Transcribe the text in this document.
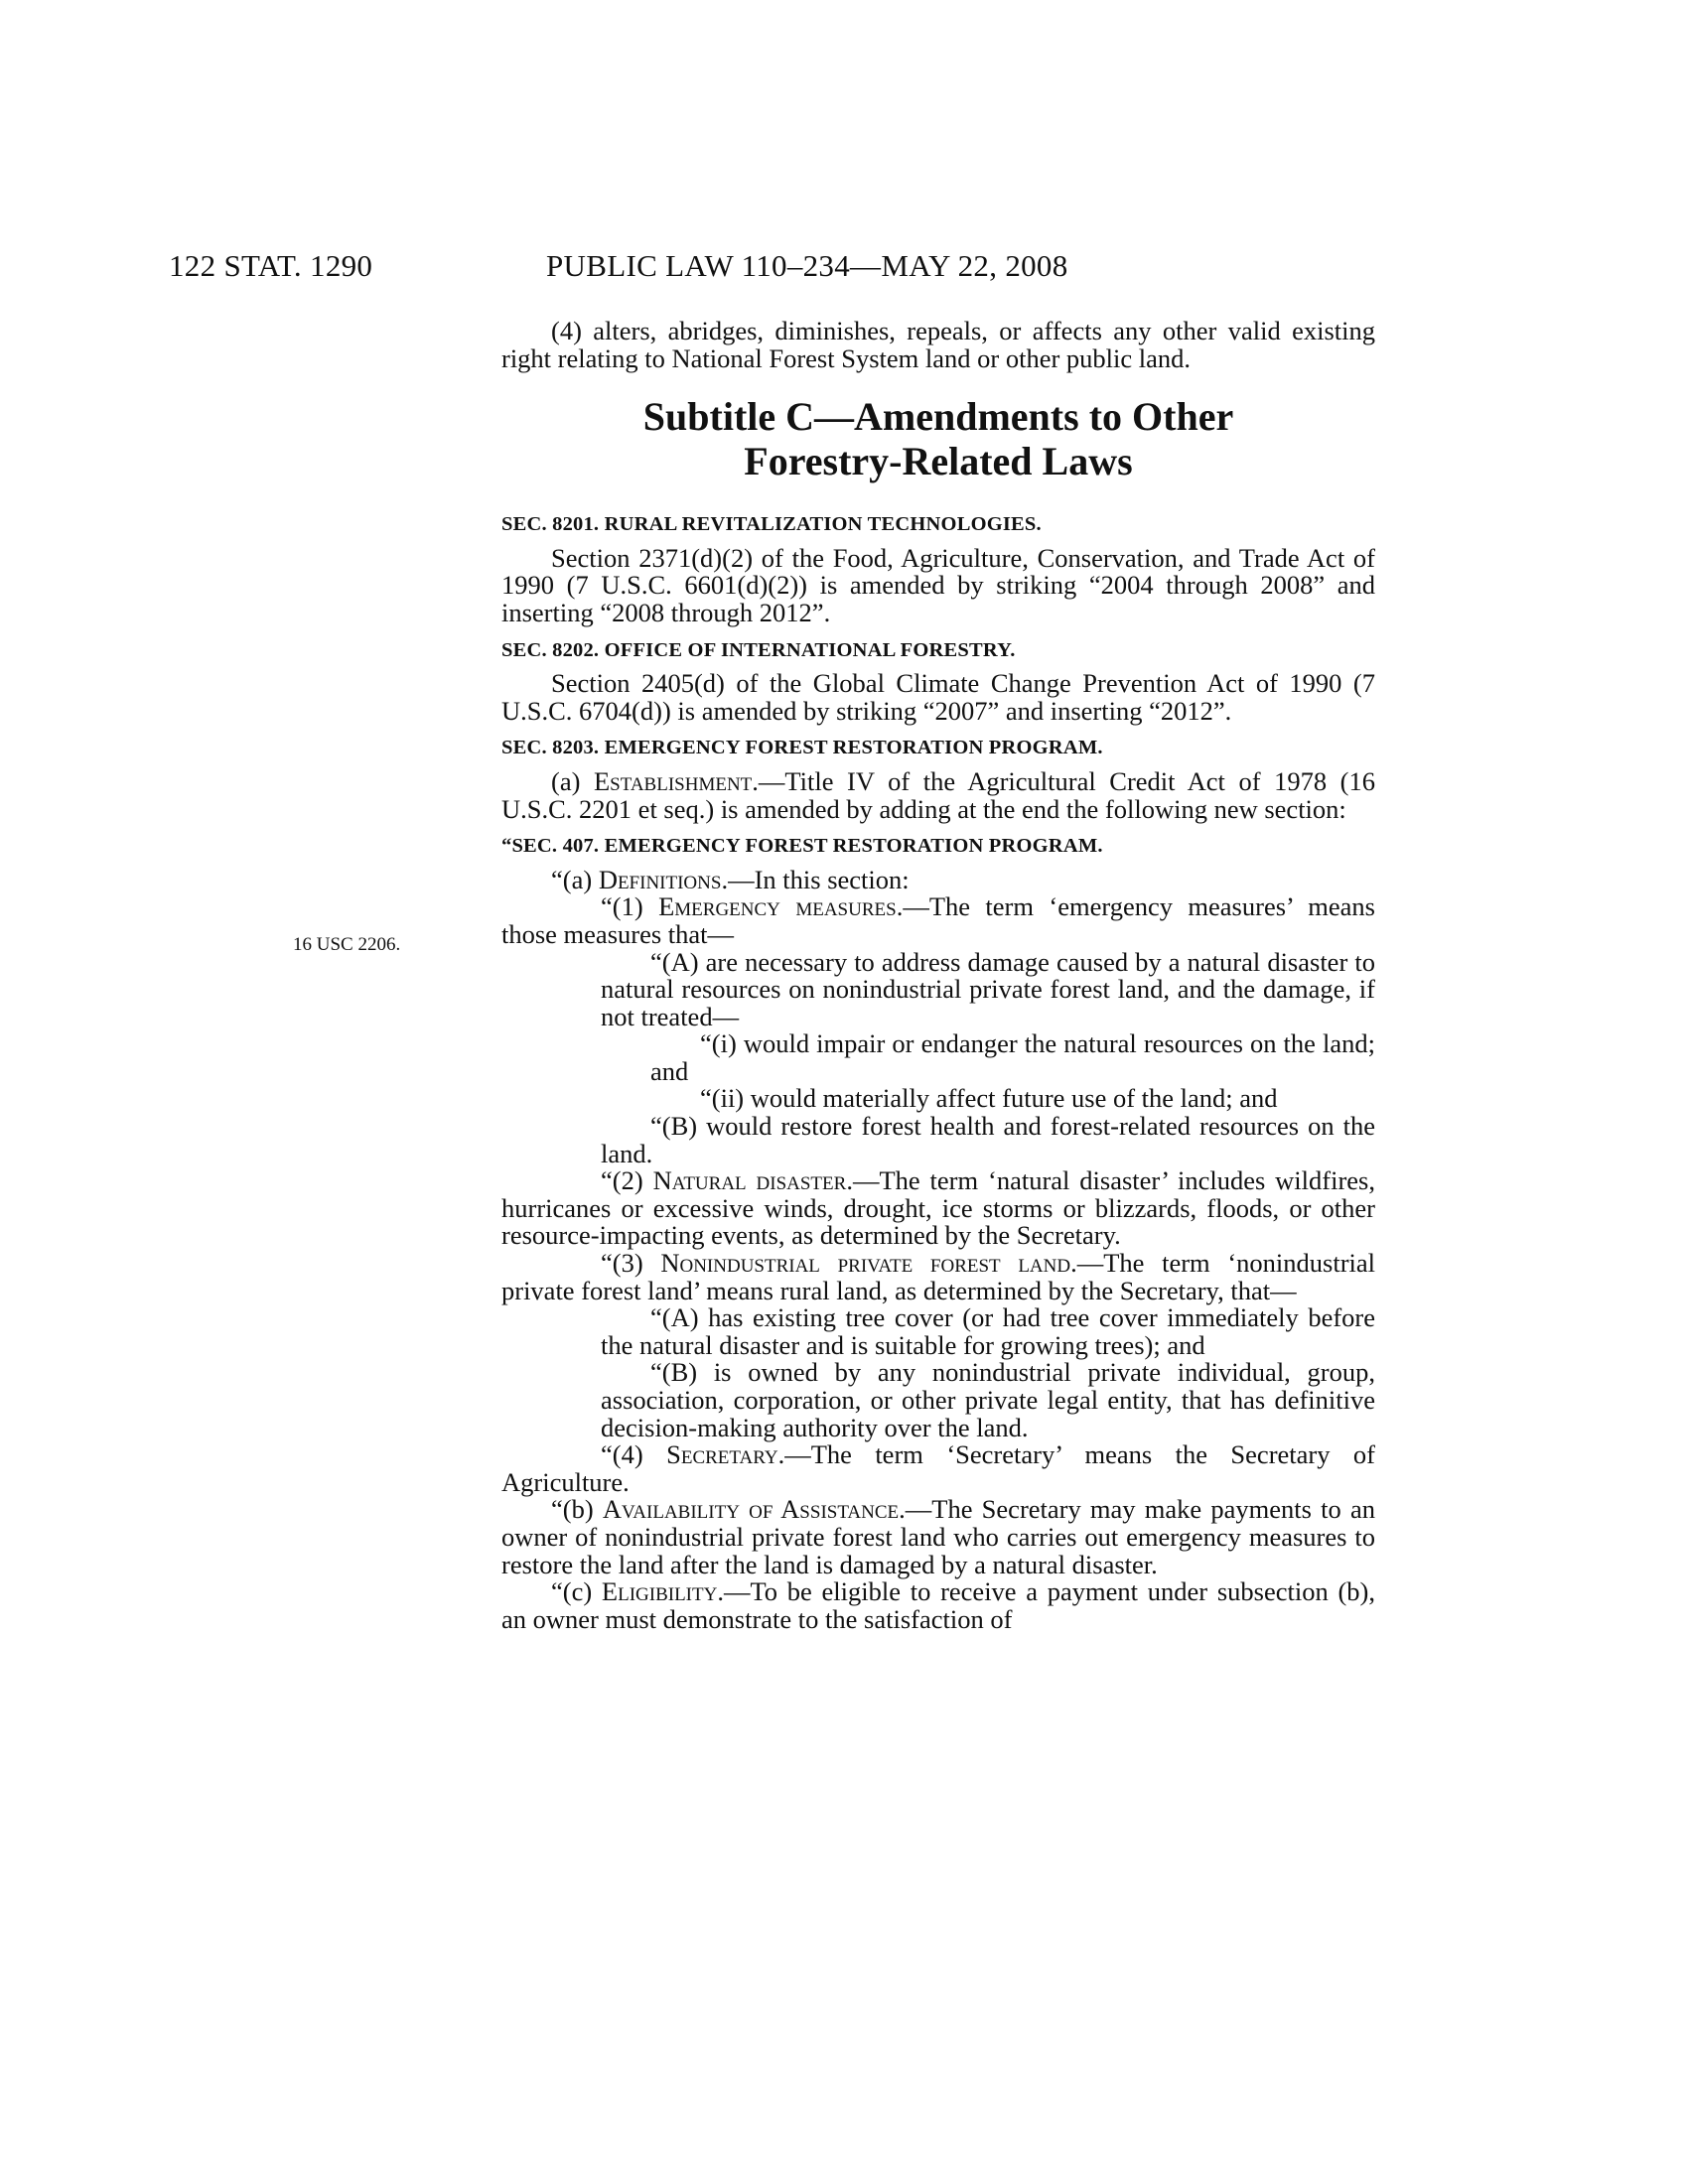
122 STAT. 1290	PUBLIC LAW 110–234—MAY 22, 2008
16 USC 2206.

(4) alters, abridges, diminishes, repeals, or affects any other valid existing right relating to National Forest System land or other public land.

Subtitle C—Amendments to Other
Forestry-Related Laws

SEC. 8201. RURAL REVITALIZATION TECHNOLOGIES.

Section 2371(d)(2) of the Food, Agriculture, Conservation, and Trade Act of 1990 (7 U.S.C. 6601(d)(2)) is amended by striking “2004 through 2008” and inserting “2008 through 2012”.

SEC. 8202. OFFICE OF INTERNATIONAL FORESTRY.

Section 2405(d) of the Global Climate Change Prevention Act of 1990 (7 U.S.C. 6704(d)) is amended by striking “2007” and inserting “2012”.

SEC. 8203. EMERGENCY FOREST RESTORATION PROGRAM.

(a) Establishment.—Title IV of the Agricultural Credit Act of 1978 (16 U.S.C. 2201 et seq.) is amended by adding at the end the following new section:

“SEC. 407. EMERGENCY FOREST RESTORATION PROGRAM.

“(a) Definitions.—In this section:

“(1) Emergency measures.—The term ‘emergency measures’ means those measures that—

“(A) are necessary to address damage caused by a natural disaster to natural resources on nonindustrial private forest land, and the damage, if not treated—

“(i) would impair or endanger the natural resources on the land; and

“(ii) would materially affect future use of the land; and

“(B) would restore forest health and forest-related resources on the land.

“(2) Natural disaster.—The term ‘natural disaster’ includes wildfires, hurricanes or excessive winds, drought, ice storms or blizzards, floods, or other resource-impacting events, as determined by the Secretary.

“(3) Nonindustrial private forest land.—The term ‘nonindustrial private forest land’ means rural land, as determined by the Secretary, that—

“(A) has existing tree cover (or had tree cover immediately before the natural disaster and is suitable for growing trees); and

“(B) is owned by any nonindustrial private individual, group, association, corporation, or other private legal entity, that has definitive decision-making authority over the land.

“(4) Secretary.—The term ‘Secretary’ means the Secretary of Agriculture.

“(b) Availability of Assistance.—The Secretary may make payments to an owner of nonindustrial private forest land who carries out emergency measures to restore the land after the land is damaged by a natural disaster.

“(c) Eligibility.—To be eligible to receive a payment under subsection (b), an owner must demonstrate to the satisfaction of
